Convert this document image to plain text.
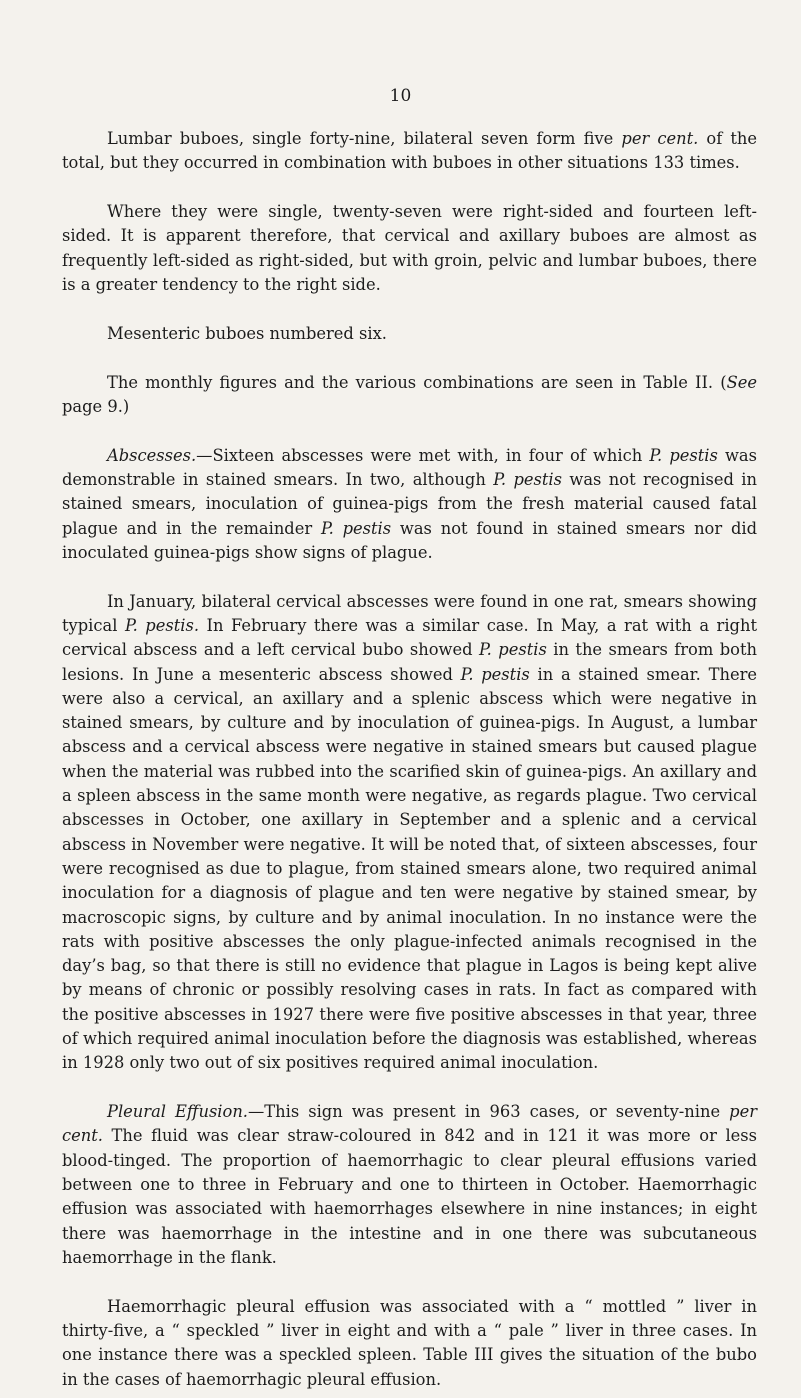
10

Lumbar buboes, single forty-nine, bilateral seven form five per cent. of the total, but they occurred in combination with buboes in other situations 133 times.

Where they were single, twenty-seven were right-sided and fourteen left-sided. It is apparent therefore, that cervical and axillary buboes are almost as frequently left-sided as right-sided, but with groin, pelvic and lumbar buboes, there is a greater tendency to the right side.

Mesenteric buboes numbered six.

The monthly figures and the various combinations are seen in Table II. (See page 9.)

Abscesses.—Sixteen abscesses were met with, in four of which P. pestis was demonstrable in stained smears. In two, although P. pestis was not recognised in stained smears, inoculation of guinea-pigs from the fresh material caused fatal plague and in the remainder P. pestis was not found in stained smears nor did inoculated guinea-pigs show signs of plague.

In January, bilateral cervical abscesses were found in one rat, smears showing typical P. pestis. In February there was a similar case. In May, a rat with a right cervical abscess and a left cervical bubo showed P. pestis in the smears from both lesions. In June a mesenteric abscess showed P. pestis in a stained smear. There were also a cervical, an axillary and a splenic abscess which were negative in stained smears, by culture and by inoculation of guinea-pigs. In August, a lumbar abscess and a cervical abscess were negative in stained smears but caused plague when the material was rubbed into the scarified skin of guinea-pigs. An axillary and a spleen abscess in the same month were negative, as regards plague. Two cervical abscesses in October, one axillary in September and a splenic and a cervical abscess in November were negative. It will be noted that, of sixteen abscesses, four were recognised as due to plague, from stained smears alone, two required animal inoculation for a diagnosis of plague and ten were negative by stained smear, by macroscopic signs, by culture and by animal inoculation. In no instance were the rats with positive abscesses the only plague-infected animals recognised in the day’s bag, so that there is still no evidence that plague in Lagos is being kept alive by means of chronic or possibly resolving cases in rats. In fact as compared with the positive abscesses in 1927 there were five positive abscesses in that year, three of which required animal inoculation before the diagnosis was established, whereas in 1928 only two out of six positives required animal inoculation.

Pleural Effusion.—This sign was present in 963 cases, or seventy-nine per cent. The fluid was clear straw-coloured in 842 and in 121 it was more or less blood-tinged. The proportion of haemorrhagic to clear pleural effusions varied between one to three in February and one to thirteen in October. Haemorrhagic effusion was associated with haemorrhages elsewhere in nine instances; in eight there was haemorrhage in the intestine and in one there was subcutaneous haemorrhage in the flank.

Haemorrhagic pleural effusion was associated with a “ mottled ” liver in thirty-five, a “ speckled ” liver in eight and with a “ pale ” liver in three cases. In one instance there was a speckled spleen. Table III gives the situation of the bubo in the cases of haemorrhagic pleural effusion.
